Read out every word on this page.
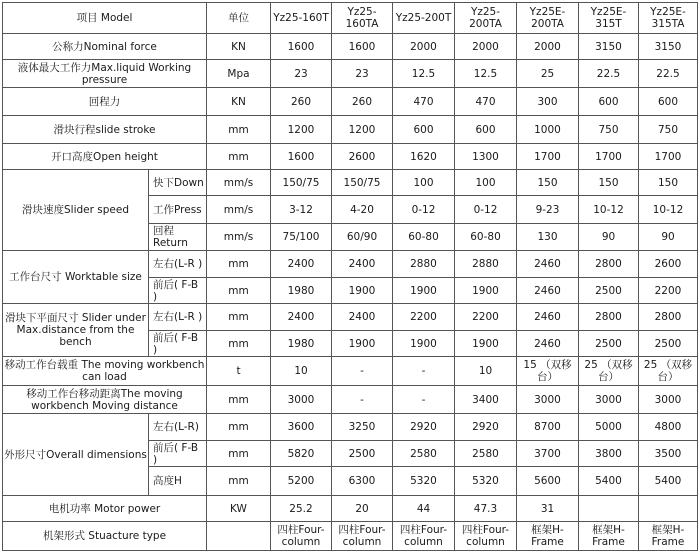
项目 Model		单位	Yz25-160T	Yz25-160TA	Yz25-200T	Yz25-200TA	Yz25E-200TA	Yz25E-315T	Yz25E-315TA
公称力Nominal force		KN	1600	1600	2000	2000	2000	3150	3150
液体最大工作力Max.liquid Working pressure		Mpa	23	23	12.5	12.5	25	22.5	22.5
回程力		KN	260	260	470	470	300	600	600
滑块行程slide stroke		mm	1200	1200	600	600	1000	750	750
开口高度Open height		mm	1600	2600	1620	1300	1700	1700	1700
滑块速度Slider speed	快下Down	mm/s	150/75	150/75	100	100	150	150	150
	工作Press	mm/s	3-12	4-20	0-12	0-12	9-23	10-12	10-12
	回程Return	mm/s	75/100	60/90	60-80	60-80	130	90	90
工作台尺寸 Worktable size	左右(L-R )	mm	2400	2400	2880	2880	2460	2800	2600
	前后( F-B )	mm	1980	1900	1900	1900	2460	2500	2200
滑块下平面尺寸 Slider under Max.distance from the bench	左右(L-R )	mm	2400	2400	2200	2200	2460	2800	2800
	前后( F-B )	mm	1980	1900	1900	1900	2460	2500	2500
移动工作台载重 The moving workbench can load		t	10	-	-	10	15 （双移台）	25 （双移台）	25 （双移台）
移动工作台移动距离The moving workbench Moving distance		mm	3000	-	-	3400	3000	3000	3000
外形尺寸Overall dimensions	左右(L-R)	mm	3600	3250	2920	2920	8700	5000	4800
	前后( F-B )	mm	5820	2500	2580	2580	3700	3800	3500
	高度H	mm	5200	6300	5320	5320	5600	5400	5400
电机功率 Motor power		KW	25.2	20	44	47.3	31		
机架形式 Stuacture type			四柱Four-column	四柱Four-column	四柱Four-column	四柱Four-column	框架H-Frame	框架H-Frame	框架H-Frame
